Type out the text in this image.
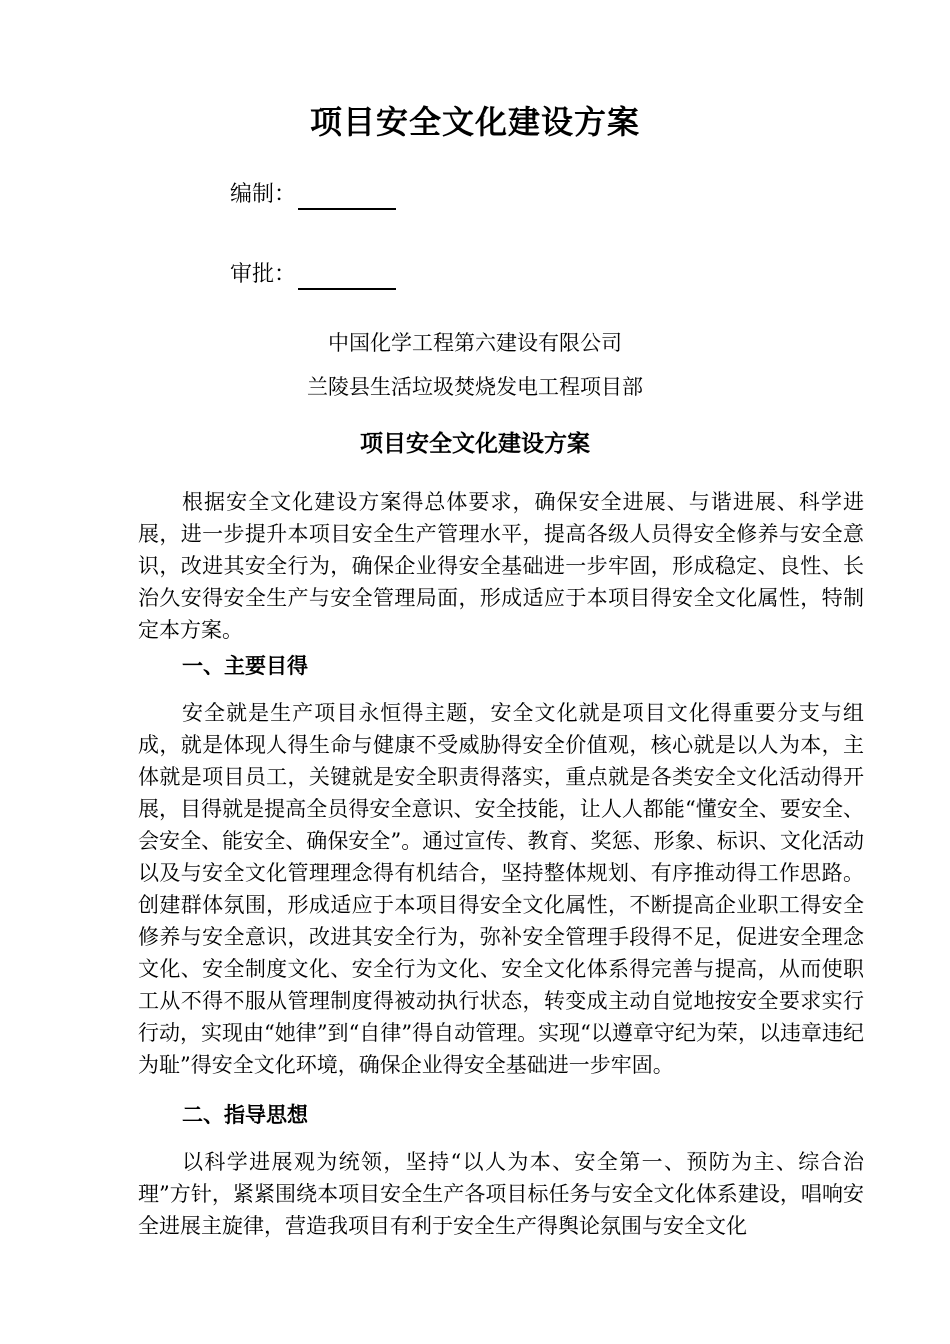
项目安全文化建设方案
编制：
审批：
中国化学工程第六建设有限公司
兰陵县生活垃圾焚烧发电工程项目部
项目安全文化建设方案

根据安全文化建设方案得总体要求，确保安全进展、与谐进展、科学进展，进一步提升本项目安全生产管理水平，提高各级人员得安全修养与安全意识，改进其安全行为，确保企业得安全基础进一步牢固，形成稳定、良性、长治久安得安全生产与安全管理局面，形成适应于本项目得安全文化属性，特制定本方案。

一、主要目得

安全就是生产项目永恒得主题，安全文化就是项目文化得重要分支与组成，就是体现人得生命与健康不受威胁得安全价值观，核心就是以人为本，主体就是项目员工，关键就是安全职责得落实，重点就是各类安全文化活动得开展，目得就是提高全员得安全意识、安全技能，让人人都能“懂安全、要安全、会安全、能安全、确保安全”。通过宣传、教育、奖惩、形象、标识、文化活动以及与安全文化管理理念得有机结合，坚持整体规划、有序推动得工作思路。创建群体氛围，形成适应于本项目得安全文化属性，不断提高企业职工得安全修养与安全意识，改进其安全行为，弥补安全管理手段得不足，促进安全理念文化、安全制度文化、安全行为文化、安全文化体系得完善与提高，从而使职工从不得不服从管理制度得被动执行状态，转变成主动自觉地按安全要求实行行动，实现由“她律”到“自律”得自动管理。实现“以遵章守纪为荣，以违章违纪为耻”得安全文化环境，确保企业得安全基础进一步牢固。

二、指导思想

以科学进展观为统领，坚持“以人为本、安全第一、预防为主、综合治理”方针，紧紧围绕本项目安全生产各项目标任务与安全文化体系建设，唱响安全进展主旋律，营造我项目有利于安全生产得舆论氛围与安全文化
